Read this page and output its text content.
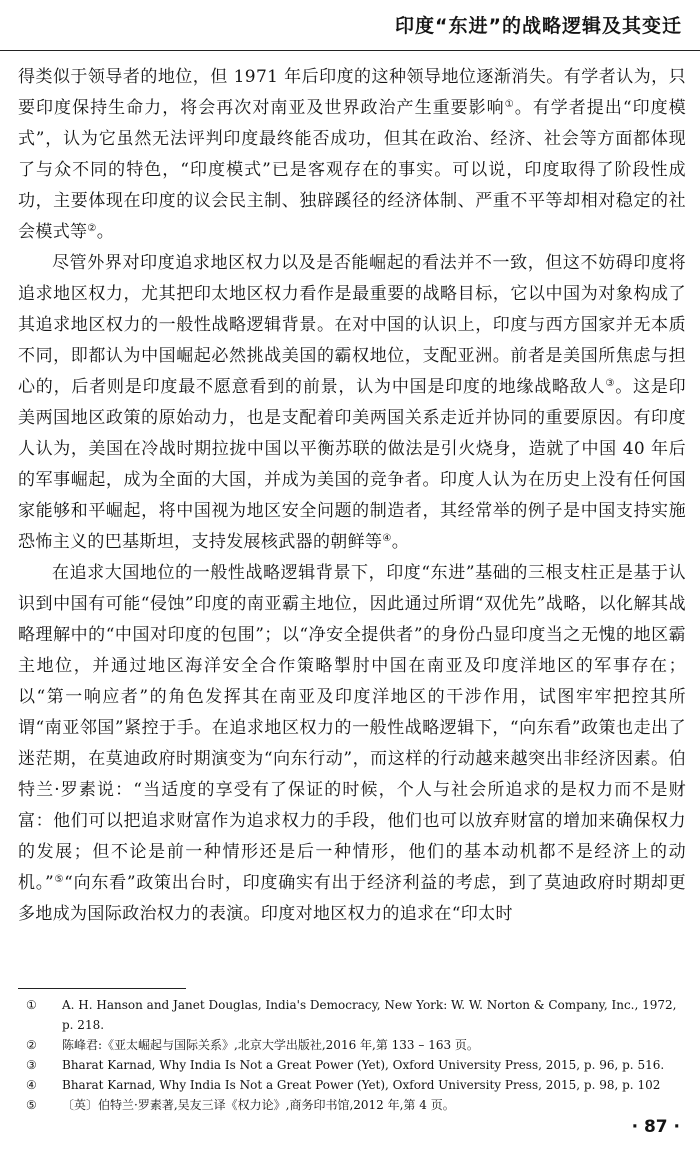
印度“东进”的战略逻辑及其变迁

得类似于领导者的地位，但 1971 年后印度的这种领导地位逐渐消失。有学者认为，只要印度保持生命力，将会再次对南亚及世界政治产生重要影响①。有学者提出“印度模式”，认为它虽然无法评判印度最终能否成功，但其在政治、经济、社会等方面都体现了与众不同的特色，“印度模式”已是客观存在的事实。可以说，印度取得了阶段性成功，主要体现在印度的议会民主制、独辟蹊径的经济体制、严重不平等却相对稳定的社会模式等②。

尽管外界对印度追求地区权力以及是否能崛起的看法并不一致，但这不妨碍印度将追求地区权力，尤其把印太地区权力看作是最重要的战略目标，它以中国为对象构成了其追求地区权力的一般性战略逻辑背景。在对中国的认识上，印度与西方国家并无本质不同，即都认为中国崛起必然挑战美国的霸权地位，支配亚洲。前者是美国所焦虑与担心的，后者则是印度最不愿意看到的前景，认为中国是印度的地缘战略敌人③。这是印美两国地区政策的原始动力，也是支配着印美两国关系走近并协同的重要原因。有印度人认为，美国在冷战时期拉拢中国以平衡苏联的做法是引火烧身，造就了中国 40 年后的军事崛起，成为全面的大国，并成为美国的竞争者。印度人认为在历史上没有任何国家能够和平崛起，将中国视为地区安全问题的制造者，其经常举的例子是中国支持实施恐怖主义的巴基斯坦，支持发展核武器的朝鲜等④。

在追求大国地位的一般性战略逻辑背景下，印度“东进”基础的三根支柱正是基于认识到中国有可能“侵蚀”印度的南亚霸主地位，因此通过所谓“双优先”战略，以化解其战略理解中的“中国对印度的包围”；以“净安全提供者”的身份凸显印度当之无愧的地区霸主地位，并通过地区海洋安全合作策略掣肘中国在南亚及印度洋地区的军事存在；以“第一响应者”的角色发挥其在南亚及印度洋地区的干涉作用，试图牢牢把控其所谓“南亚邻国”紧控于手。在追求地区权力的一般性战略逻辑下，“向东看”政策也走出了迷茫期，在莫迪政府时期演变为“向东行动”，而这样的行动越来越突出非经济因素。伯特兰·罗素说：“当适度的享受有了保证的时候，个人与社会所追求的是权力而不是财富：他们可以把追求财富作为追求权力的手段，他们也可以放弃财富的增加来确保权力的发展；但不论是前一种情形还是后一种情形，他们的基本动机都不是经济上的动机。”⑤“向东看”政策出台时，印度确实有出于经济利益的考虑，到了莫迪政府时期却更多地成为国际政治权力的表演。印度对地区权力的追求在“印太时

① A. H. Hanson and Janet Douglas, India's Democracy, New York: W. W. Norton & Company, Inc., 1972, p. 218.

② 陈峰君:《亚太崛起与国际关系》,北京大学出版社,2016 年,第 133 – 163 页。

③ Bharat Karnad, Why India Is Not a Great Power (Yet), Oxford University Press, 2015, p. 96, p. 516.

④ Bharat Karnad, Why India Is Not a Great Power (Yet), Oxford University Press, 2015, p. 98, p. 102

⑤ 〔英〕伯特兰·罗素著,吴友三译《权力论》,商务印书馆,2012 年,第 4 页。

· 87 ·
